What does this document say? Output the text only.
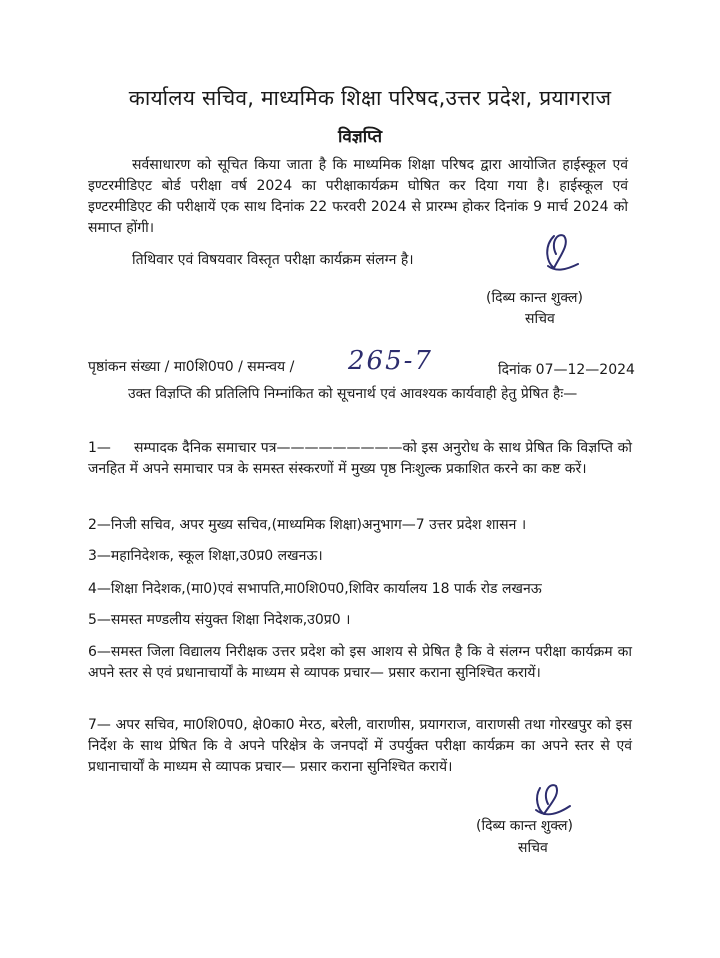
कार्यालय सचिव, माध्यमिक शिक्षा परिषद,उत्तर प्रदेश, प्रयागराज
विज्ञप्ति
सर्वसाधारण को सूचित किया जाता है कि माध्यमिक शिक्षा परिषद द्वारा आयोजित हाईस्कूल एवं इण्टरमीडिएट बोर्ड परीक्षा वर्ष 2024 का परीक्षाकार्यक्रम घोषित कर दिया गया है। हाईस्कूल एवं इण्टरमीडिएट की परीक्षायें एक साथ दिनांक 22 फरवरी 2024 से प्रारम्भ होकर दिनांक 9 मार्च 2024 को समाप्त होंगी।
तिथिवार एवं विषयवार विस्तृत परीक्षा कार्यक्रम संलग्न है।
(दिब्य कान्त शुक्ल)
सचिव
पृष्ठांकन संख्या / मा0शि0प0 / समन्वय / 265-7	दिनांक 07—12—2024
उक्त विज्ञप्ति की प्रतिलिपि निम्नांकित को सूचनार्थ एवं आवश्यक कार्यवाही हेतु प्रेषित हैः—
1— सम्पादक दैनिक समाचार पत्र—————————को इस अनुरोध के साथ प्रेषित कि विज्ञप्ति को जनहित में अपने समाचार पत्र के समस्त संस्करणों में मुख्य पृष्ठ निःशुल्क प्रकाशित करने का कष्ट करें।
2—निजी सचिव, अपर मुख्य सचिव,(माध्यमिक शिक्षा)अनुभाग—7 उत्तर प्रदेश शासन ।
3—महानिदेशक, स्कूल शिक्षा,उ0प्र0 लखनऊ।
4—शिक्षा निदेशक,(मा0)एवं सभापति,मा0शि0प0,शिविर कार्यालय 18 पार्क रोड लखनऊ
5—समस्त मण्डलीय संयुक्त शिक्षा निदेशक,उ0प्र0 ।
6—समस्त जिला विद्यालय निरीक्षक उत्तर प्रदेश को इस आशय से प्रेषित है कि वे संलग्न परीक्षा कार्यक्रम का अपने स्तर से एवं प्रधानाचार्यों के माध्यम से व्यापक प्रचार— प्रसार कराना सुनिश्चित करायें।
7— अपर सचिव, मा0शि0प0, क्षे0का0 मेरठ, बरेली, वाराणीस, प्रयागराज, वाराणसी तथा गोरखपुर को इस निर्देश के साथ प्रेषित कि वे अपने परिक्षेत्र के जनपदों में उपर्युक्त परीक्षा कार्यक्रम का अपने स्तर से एवं प्रधानाचार्यों के माध्यम से व्यापक प्रचार— प्रसार कराना सुनिश्चित करायें।
(दिब्य कान्त शुक्ल)
सचिव
